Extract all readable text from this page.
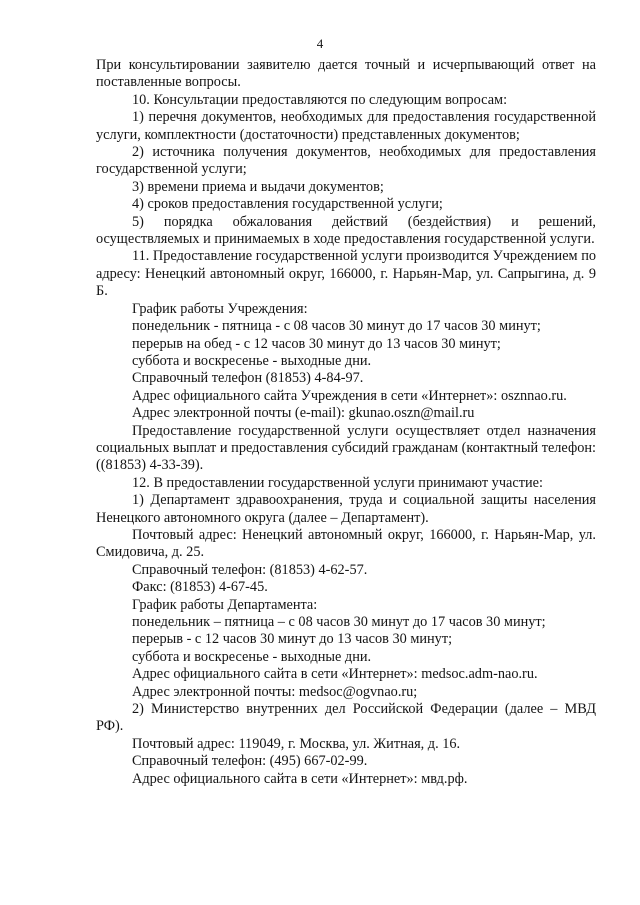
4

При консультировании заявителю дается точный и исчерпывающий ответ на поставленные вопросы.

10. Консультации предоставляются по следующим вопросам:

1) перечня документов, необходимых для предоставления государственной услуги, комплектности (достаточности) представленных документов;

2) источника получения документов, необходимых для предоставления государственной услуги;

3) времени приема и выдачи документов;

4) сроков предоставления государственной услуги;

5) порядка обжалования действий (бездействия) и решений, осуществляемых и принимаемых в ходе предоставления государственной услуги.

11. Предоставление государственной услуги производится Учреждением по адресу: Ненецкий автономный округ, 166000, г. Нарьян-Мар, ул. Сапрыгина, д. 9 Б.

График работы Учреждения:

понедельник - пятница - с 08 часов 30 минут до 17 часов 30 минут;

перерыв на обед - с 12 часов 30 минут до 13 часов 30 минут;

суббота и воскресенье - выходные дни.

Справочный телефон (81853) 4-84-97.

Адрес официального сайта Учреждения в сети «Интернет»: osznnao.ru.

Адрес электронной почты (e-mail): gkunao.oszn@mail.ru

Предоставление государственной услуги осуществляет отдел назначения социальных выплат и предоставления субсидий гражданам (контактный телефон: ((81853) 4-33-39).

12. В предоставлении государственной услуги принимают участие:

1) Департамент здравоохранения, труда и социальной защиты населения Ненецкого автономного округа (далее – Департамент).

Почтовый адрес: Ненецкий автономный округ, 166000, г. Нарьян-Мар, ул. Смидовича, д. 25.

Справочный телефон: (81853) 4-62-57.

Факс: (81853) 4-67-45.

График работы Департамента:

понедельник – пятница – с 08 часов 30 минут до 17 часов 30 минут;

перерыв - с 12 часов 30 минут до 13 часов 30 минут;

суббота и воскресенье - выходные дни.

Адрес официального сайта в сети «Интернет»: medsoc.adm-nao.ru.

Адрес электронной почты: medsoc@ogvnao.ru;

2) Министерство внутренних дел Российской Федерации (далее – МВД РФ).

Почтовый адрес: 119049, г. Москва, ул. Житная, д. 16.

Справочный телефон: (495) 667-02-99.

Адрес официального сайта в сети «Интернет»: мвд.рф.
